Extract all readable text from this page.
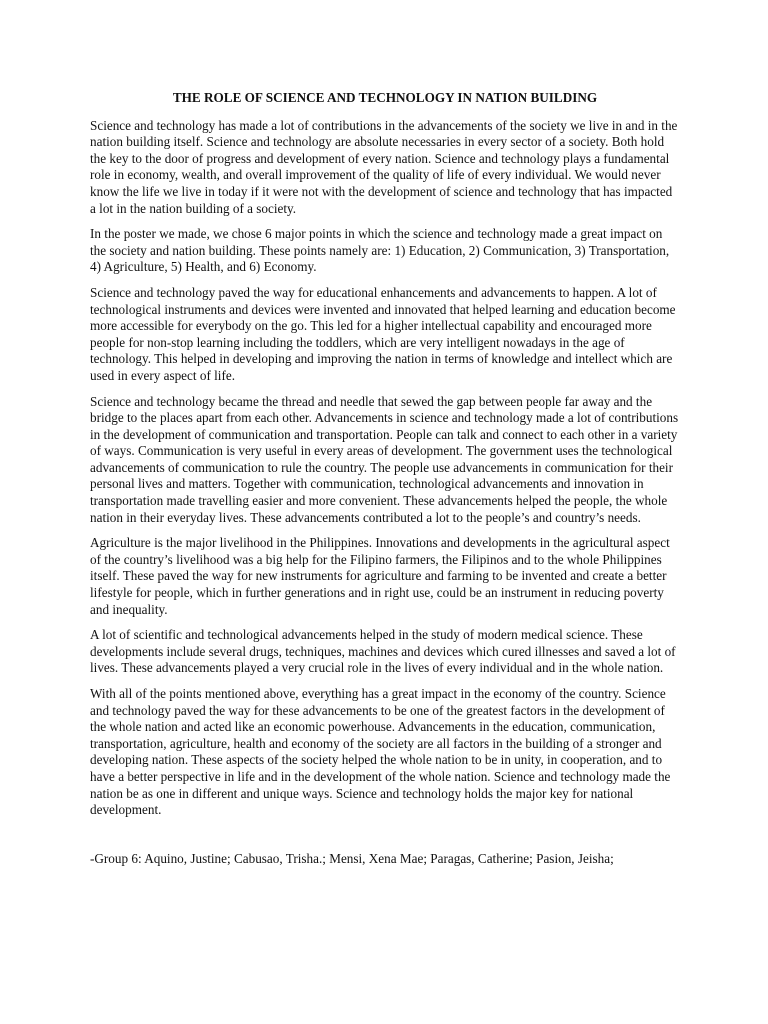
THE ROLE OF SCIENCE AND TECHNOLOGY IN NATION BUILDING

Science and technology has made a lot of contributions in the advancements of the society we live in and in the nation building itself. Science and technology are absolute necessaries in every sector of a society. Both hold the key to the door of progress and development of every nation. Science and technology plays a fundamental role in economy, wealth, and overall improvement of the quality of life of every individual. We would never know the life we live in today if it were not with the development of science and technology that has impacted a lot in the nation building of a society.

In the poster we made, we chose 6 major points in which the science and technology made a great impact on the society and nation building. These points namely are: 1) Education, 2) Communication, 3) Transportation, 4) Agriculture, 5) Health, and 6) Economy.

Science and technology paved the way for educational enhancements and advancements to happen. A lot of technological instruments and devices were invented and innovated that helped learning and education become more accessible for everybody on the go. This led for a higher intellectual capability and encouraged more people for non-stop learning including the toddlers, which are very intelligent nowadays in the age of technology. This helped in developing and improving the nation in terms of knowledge and intellect which are used in every aspect of life.

Science and technology became the thread and needle that sewed the gap between people far away and the bridge to the places apart from each other. Advancements in science and technology made a lot of contributions in the development of communication and transportation. People can talk and connect to each other in a variety of ways. Communication is very useful in every areas of development. The government uses the technological advancements of communication to rule the country. The people use advancements in communication for their personal lives and matters. Together with communication, technological advancements and innovation in transportation made travelling easier and more convenient. These advancements helped the people, the whole nation in their everyday lives. These advancements contributed a lot to the people’s and country’s needs.

Agriculture is the major livelihood in the Philippines. Innovations and developments in the agricultural aspect of the country’s livelihood was a big help for the Filipino farmers, the Filipinos and to the whole Philippines itself. These paved the way for new instruments for agriculture and farming to be invented and create a better lifestyle for people, which in further generations and in right use, could be an instrument in reducing poverty and inequality.

A lot of scientific and technological advancements helped in the study of modern medical science. These developments include several drugs, techniques, machines and devices which cured illnesses and saved a lot of lives. These advancements played a very crucial role in the lives of every individual and in the whole nation.

With all of the points mentioned above, everything has a great impact in the economy of the country. Science and technology paved the way for these advancements to be one of the greatest factors in the development of the whole nation and acted like an economic powerhouse. Advancements in the education, communication, transportation, agriculture, health and economy of the society are all factors in the building of a stronger and developing nation. These aspects of the society helped the whole nation to be in unity, in cooperation, and to have a better perspective in life and in the development of the whole nation. Science and technology made the nation be as one in different and unique ways. Science and technology holds the major key for national development.

-Group 6: Aquino, Justine; Cabusao, Trisha.; Mensi, Xena Mae; Paragas, Catherine; Pasion, Jeisha;
